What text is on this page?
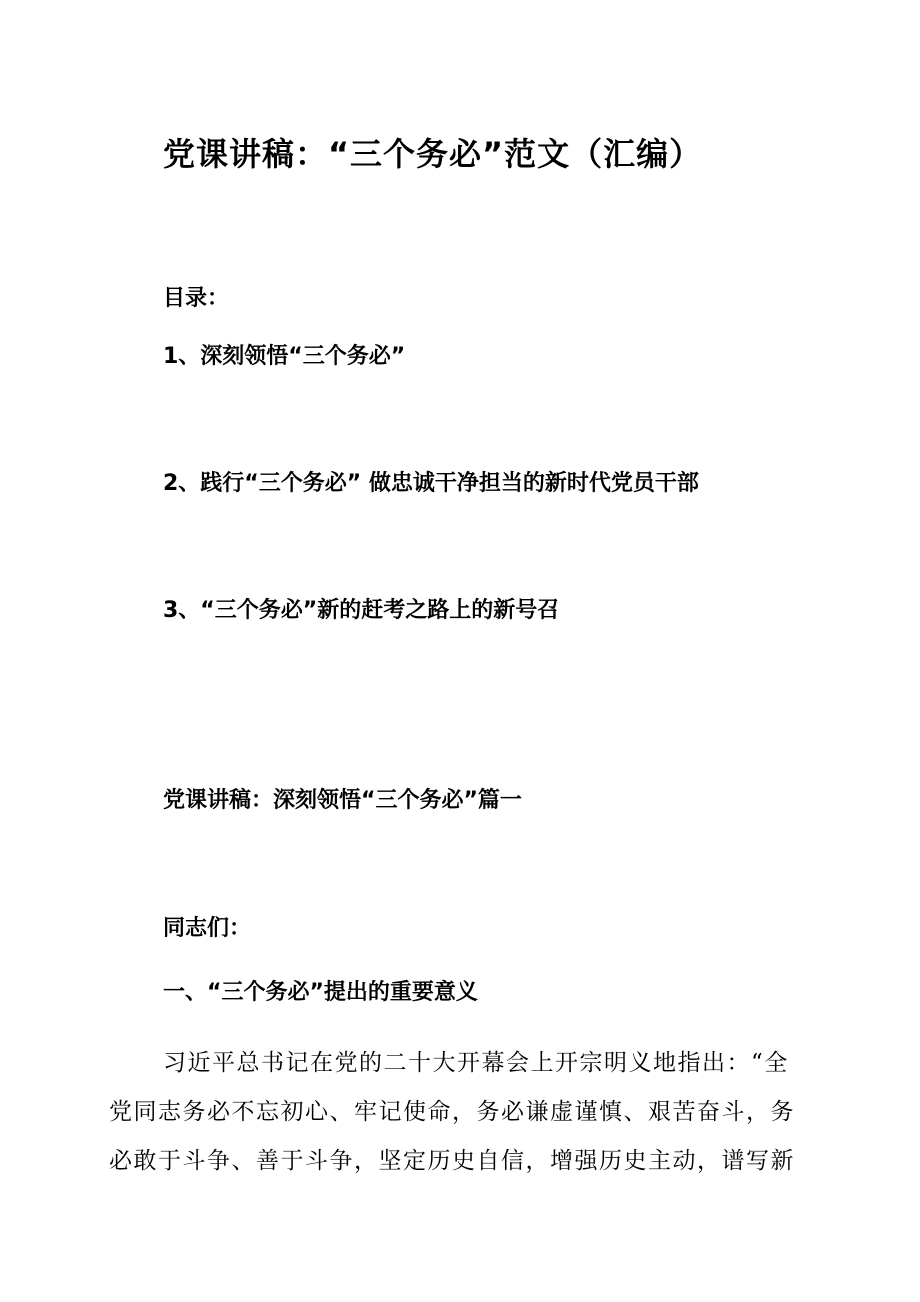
党课讲稿：“三个务必”范文（汇编）
目录：
1、深刻领悟“三个务必”
2、践行“三个务必” 做忠诚干净担当的新时代党员干部
3、“三个务必”新的赶考之路上的新号召
党课讲稿：深刻领悟“三个务必”篇一
同志们：
一、“三个务必”提出的重要意义
习近平总书记在党的二十大开幕会上开宗明义地指出：“全
党同志务必不忘初心、牢记使命，务必谦虚谨慎、艰苦奋斗，务
必敢于斗争、善于斗争，坚定历史自信，增强历史主动，谱写新
